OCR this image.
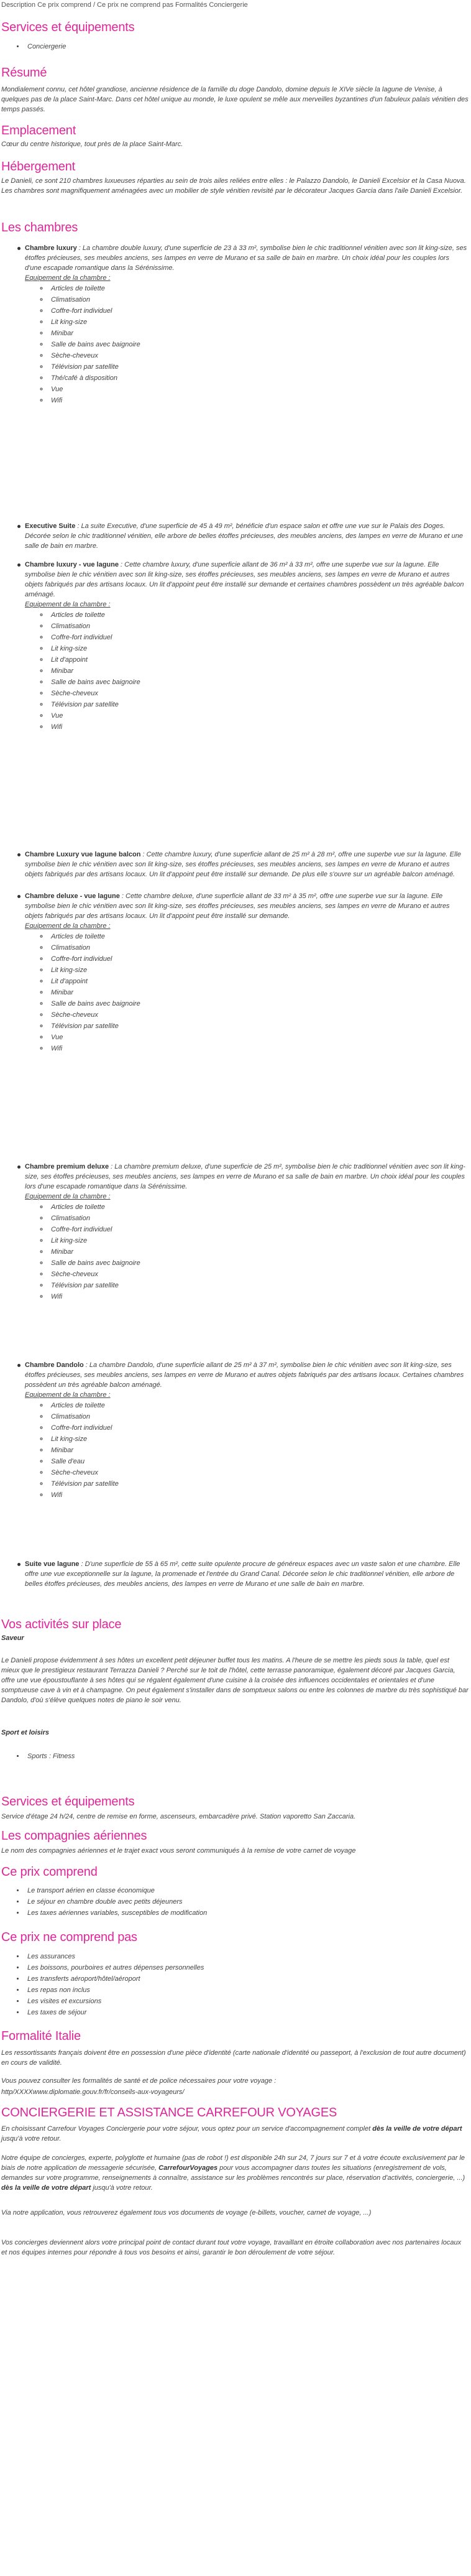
Description Ce prix comprend / Ce prix ne comprend pas Formalités Conciergerie
Services et équipements
• Conciergerie
Résumé

Mondialement connu, cet hôtel grandiose, ancienne résidence de la famille du doge Dandolo, domine depuis le XIVe siècle la lagune de Venise, à quelques pas de la place Saint-Marc. Dans cet hôtel unique au monde, le luxe opulent se mêle aux merveilles byzantines d'un fabuleux palais vénitien des temps passés.

Emplacement

Cœur du centre historique, tout près de la place Saint-Marc.

Hébergement

Le Danieli, ce sont 210 chambres luxueuses réparties au sein de trois ailes reliées entre elles : le Palazzo Dandolo, le Danieli Excelsior et la Casa Nuova. Les chambres sont magnifiquement aménagées avec un mobilier de style vénitien revisité par le décorateur Jacques Garcia dans l'aile Danieli Excelsior.

Les chambres

Chambre luxury : La chambre double luxury, d'une superficie de 23 à 33 m², symbolise bien le chic traditionnel vénitien avec son lit king-size, ses étoffes précieuses, ses meubles anciens, ses lampes en verre de Murano et sa salle de bain en marbre. Un choix idéal pour les couples lors d'une escapade romantique dans la Sérénissime.

Equipement de la chambre :

◦ Articles de toilette
◦ Climatisation
◦ Coffre-fort individuel
◦ Lit king-size
◦ Minibar
◦ Salle de bains avec baignoire
◦ Sèche-cheveux
◦ Télévision par satellite
◦ Thé/café à disposition
◦ Vue
◦ Wifi

Executive Suite : La suite Executive, d'une superficie de 45 à 49 m², bénéficie d'un espace salon et offre une vue sur le Palais des Doges. Décorée selon le chic traditionnel vénitien, elle arbore de belles étoffes précieuses, des meubles anciens, des lampes en verre de Murano et une salle de bain en marbre.

Chambre luxury - vue lagune : Cette chambre luxury, d'une superficie allant de 36 m² à 33 m², offre une superbe vue sur la lagune. Elle symbolise bien le chic vénitien avec son lit king-size, ses étoffes précieuses, ses meubles anciens, ses lampes en verre de Murano et autres objets fabriqués par des artisans locaux. Un lit d'appoint peut être installé sur demande et certaines chambres possèdent un très agréable balcon aménagé.

Equipement de la chambre :

◦ Articles de toilette
◦ Climatisation
◦ Coffre-fort individuel
◦ Lit king-size
◦ Lit d'appoint
◦ Minibar
◦ Salle de bains avec baignoire
◦ Sèche-cheveux
◦ Télévision par satellite
◦ Vue
◦ Wifi

Chambre Luxury vue lagune balcon : Cette chambre luxury, d'une superficie allant de 25 m² à 28 m², offre une superbe vue sur la lagune. Elle symbolise bien le chic vénitien avec son lit king-size, ses étoffes précieuses, ses meubles anciens, ses lampes en verre de Murano et autres objets fabriqués par des artisans locaux. Un lit d'appoint peut être installé sur demande. De plus elle s'ouvre sur un agréable balcon aménagé.

Chambre deluxe - vue lagune : Cette chambre deluxe, d'une superficie allant de 33 m² à 35 m², offre une superbe vue sur la lagune. Elle symbolise bien le chic vénitien avec son lit king-size, ses étoffes précieuses, ses meubles anciens, ses lampes en verre de Murano et autres objets fabriqués par des artisans locaux. Un lit d'appoint peut être installé sur demande.

Equipement de la chambre :

◦ Articles de toilette
◦ Climatisation
◦ Coffre-fort individuel
◦ Lit king-size
◦ Lit d'appoint
◦ Minibar
◦ Salle de bains avec baignoire
◦ Sèche-cheveux
◦ Télévision par satellite
◦ Vue
◦ Wifi

Chambre premium deluxe : La chambre premium deluxe, d'une superficie de 25 m², symbolise bien le chic traditionnel vénitien avec son lit king-size, ses étoffes précieuses, ses meubles anciens, ses lampes en verre de Murano et sa salle de bain en marbre. Un choix idéal pour les couples lors d'une escapade romantique dans la Sérénissime.

Equipement de la chambre :

◦ Articles de toilette
◦ Climatisation
◦ Coffre-fort individuel
◦ Lit king-size
◦ Minibar
◦ Salle de bains avec baignoire
◦ Sèche-cheveux
◦ Télévision par satellite
◦ Wifi

Chambre Dandolo : La chambre Dandolo, d'une superficie allant de 25 m² à 37 m², symbolise bien le chic vénitien avec son lit king-size, ses étoffes précieuses, ses meubles anciens, ses lampes en verre de Murano et autres objets fabriqués par des artisans locaux. Certaines chambres possèdent un très agréable balcon aménagé.

Equipement de la chambre :

◦ Articles de toilette
◦ Climatisation
◦ Coffre-fort individuel
◦ Lit king-size
◦ Minibar
◦ Salle d'eau
◦ Sèche-cheveux
◦ Télévision par satellite
◦ Wifi

Suite vue lagune : D'une superficie de 55 à 65 m², cette suite opulente procure de généreux espaces avec un vaste salon et une chambre. Elle offre une vue exceptionnelle sur la lagune, la promenade et l'entrée du Grand Canal. Décorée selon le chic traditionnel vénitien, elle arbore de belles étoffes précieuses, des meubles anciens, des lampes en verre de Murano et une salle de bain en marbre.

Vos activités sur place

Saveur

Le Danieli propose évidemment à ses hôtes un excellent petit déjeuner buffet tous les matins. A l'heure de se mettre les pieds sous la table, quel est mieux que le prestigieux restaurant Terrazza Danieli ? Perché sur le toit de l'hôtel, cette terrasse panoramique, également décoré par Jacques Garcia, offre une vue époustouflante à ses hôtes qui se régalent également d'une cuisine à la croisée des influences occidentales et orientales et d'une somptueuse cave à vin et à champagne. On peut également s'installer dans de somptueux salons ou entre les colonnes de marbre du très sophistiqué bar Dandolo, d'où s'élève quelques notes de piano le soir venu.

Sport et loisirs

• Sports : Fitness
Services et équipements

Service d'étage 24 h/24, centre de remise en forme, ascenseurs, embarcadère privé. Station vaporetto San Zaccaria.

Les compagnies aériennes

Le nom des compagnies aériennes et le trajet exact vous seront communiqués à la remise de votre carnet de voyage

Ce prix comprend
• Le transport aérien en classe économique
• Le séjour en chambre double avec petits déjeuners
• Les taxes aériennes variables, susceptibles de modification
Ce prix ne comprend pas
• Les assurances
• Les boissons, pourboires et autres dépenses personnelles
• Les transferts aéroport/hôtel/aéroport
• Les repas non inclus
• Les visites et excursions
• Les taxes de séjour
Formalité Italie

Les ressortissants français doivent être en possession d'une pièce d'identité (carte nationale d'identité ou passeport, à l'exclusion de tout autre document) en cours de validité.

Vous pouvez consulter les formalités de santé et de police nécessaires pour votre voyage :

http/XXXXwww.diplomatie.gouv.fr/fr/conseils-aux-voyageurs/

CONCIERGERIE ET ASSISTANCE CARREFOUR VOYAGES

En choisissant Carrefour Voyages Conciergerie pour votre séjour, vous optez pour un service d'accompagnement complet dès la veille de votre départ jusqu'à votre retour.

Notre équipe de concierges, experte, polyglotte et humaine (pas de robot !) est disponible 24h sur 24, 7 jours sur 7 et à votre écoute exclusivement par le biais de notre application de messagerie sécurisée, CarrefourVoyages pour vous accompagner dans toutes les situations (enregistrement de vols, demandes sur votre programme, renseignements à connaître, assistance sur les problèmes rencontrés sur place, réservation d'activités, conciergerie, ...) dès la veille de votre départ jusqu'à votre retour.

Via notre application, vous retrouverez également tous vos documents de voyage (e-billets, voucher, carnet de voyage, ...)

Vos concierges deviennent alors votre principal point de contact durant tout votre voyage, travaillant en étroite collaboration avec nos partenaires locaux et nos équipes internes pour répondre à tous vos besoins et ainsi, garantir le bon déroulement de votre séjour.
